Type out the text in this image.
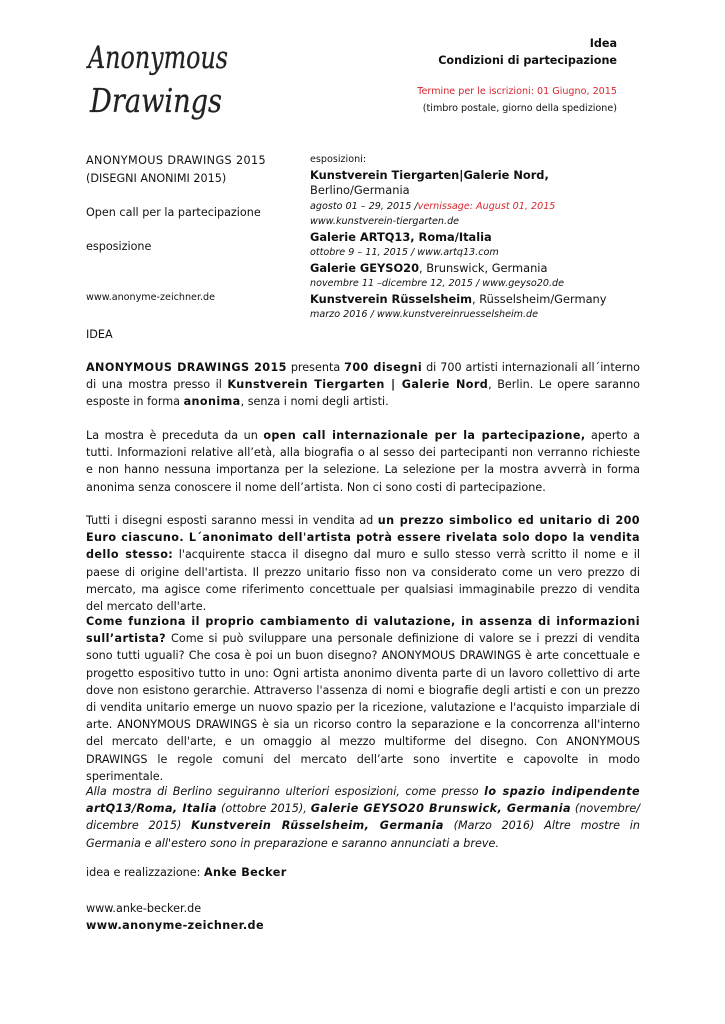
Anonymous
Drawings
Idea
Condizioni di partecipazione
Termine per le iscrizioni: 01 Giugno, 2015
(timbro postale, giorno della spedizione)
ANONYMOUS DRAWINGS 2015
(DISEGNI ANONIMI 2015)
Open call per la partecipazione
esposizione
www.anonyme-zeichner.de
esposizioni:
Kunstverein Tiergarten|Galerie Nord, Berlino/Germania
agosto 01 – 29, 2015 /vernissage: August 01, 2015
www.kunstverein-tiergarten.de
Galerie ARTQ13, Roma/Italia
ottobre 9 – 11, 2015 / www.artq13.com
Galerie GEYSO20, Brunswick, Germania
novembre 11 –dicembre 12, 2015 / www.geyso20.de
Kunstverein Rüsselsheim, Rüsselsheim/Germany
marzo 2016 / www.kunstvereinruesselsheim.de
IDEA
ANONYMOUS DRAWINGS 2015 presenta 700 disegni di 700 artisti internazionali all´interno di una mostra presso il Kunstverein Tiergarten | Galerie Nord, Berlin. Le opere saranno esposte in forma anonima, senza i nomi degli artisti.
La mostra è preceduta da un open call internazionale per la partecipazione, aperto a tutti. Informazioni relative all’età, alla biografia o al sesso dei partecipanti non verranno richieste e non hanno nessuna importanza per la selezione. La selezione per la mostra avverrà in forma anonima senza conoscere il nome dell’artista. Non ci sono costi di partecipazione.
Tutti i disegni esposti saranno messi in vendita ad un prezzo simbolico ed unitario di 200 Euro ciascuno. L´anonimato dell'artista potrà essere rivelata solo dopo la vendita dello stesso: l'acquirente stacca il disegno dal muro e sullo stesso verrà scritto il nome e il paese di origine dell'artista. Il prezzo unitario fisso non va considerato come un vero prezzo di mercato, ma agisce come riferimento concettuale per qualsiasi immaginabile prezzo di vendita del mercato dell'arte.
Come funziona il proprio cambiamento di valutazione, in assenza di informazioni sull’artista? Come si può sviluppare una personale definizione di valore se i prezzi di vendita sono tutti uguali? Che cosa è poi un buon disegno? ANONYMOUS DRAWINGS è arte concettuale e progetto espositivo tutto in uno: Ogni artista anonimo diventa parte di un lavoro collettivo di arte dove non esistono gerarchie. Attraverso l'assenza di nomi e biografie degli artisti e con un prezzo di vendita unitario emerge un nuovo spazio per la ricezione, valutazione e l'acquisto imparziale di arte. ANONYMOUS DRAWINGS è sia un ricorso contro la separazione e la concorrenza all'interno del mercato dell'arte, e un omaggio al mezzo multiforme del disegno. Con ANONYMOUS DRAWINGS le regole comuni del mercato dell’arte sono invertite e capovolte in modo sperimentale.
Alla mostra di Berlino seguiranno ulteriori esposizioni, come presso lo spazio indipendente artQ13/Roma, Italia (ottobre 2015), Galerie GEYSO20 Brunswick, Germania (novembre/ dicembre 2015) Kunstverein Rüsselsheim, Germania (Marzo 2016) Altre mostre in Germania e all'estero sono in preparazione e saranno annunciati a breve.
idea e realizzazione: Anke Becker
www.anke-becker.de
www.anonyme-zeichner.de
